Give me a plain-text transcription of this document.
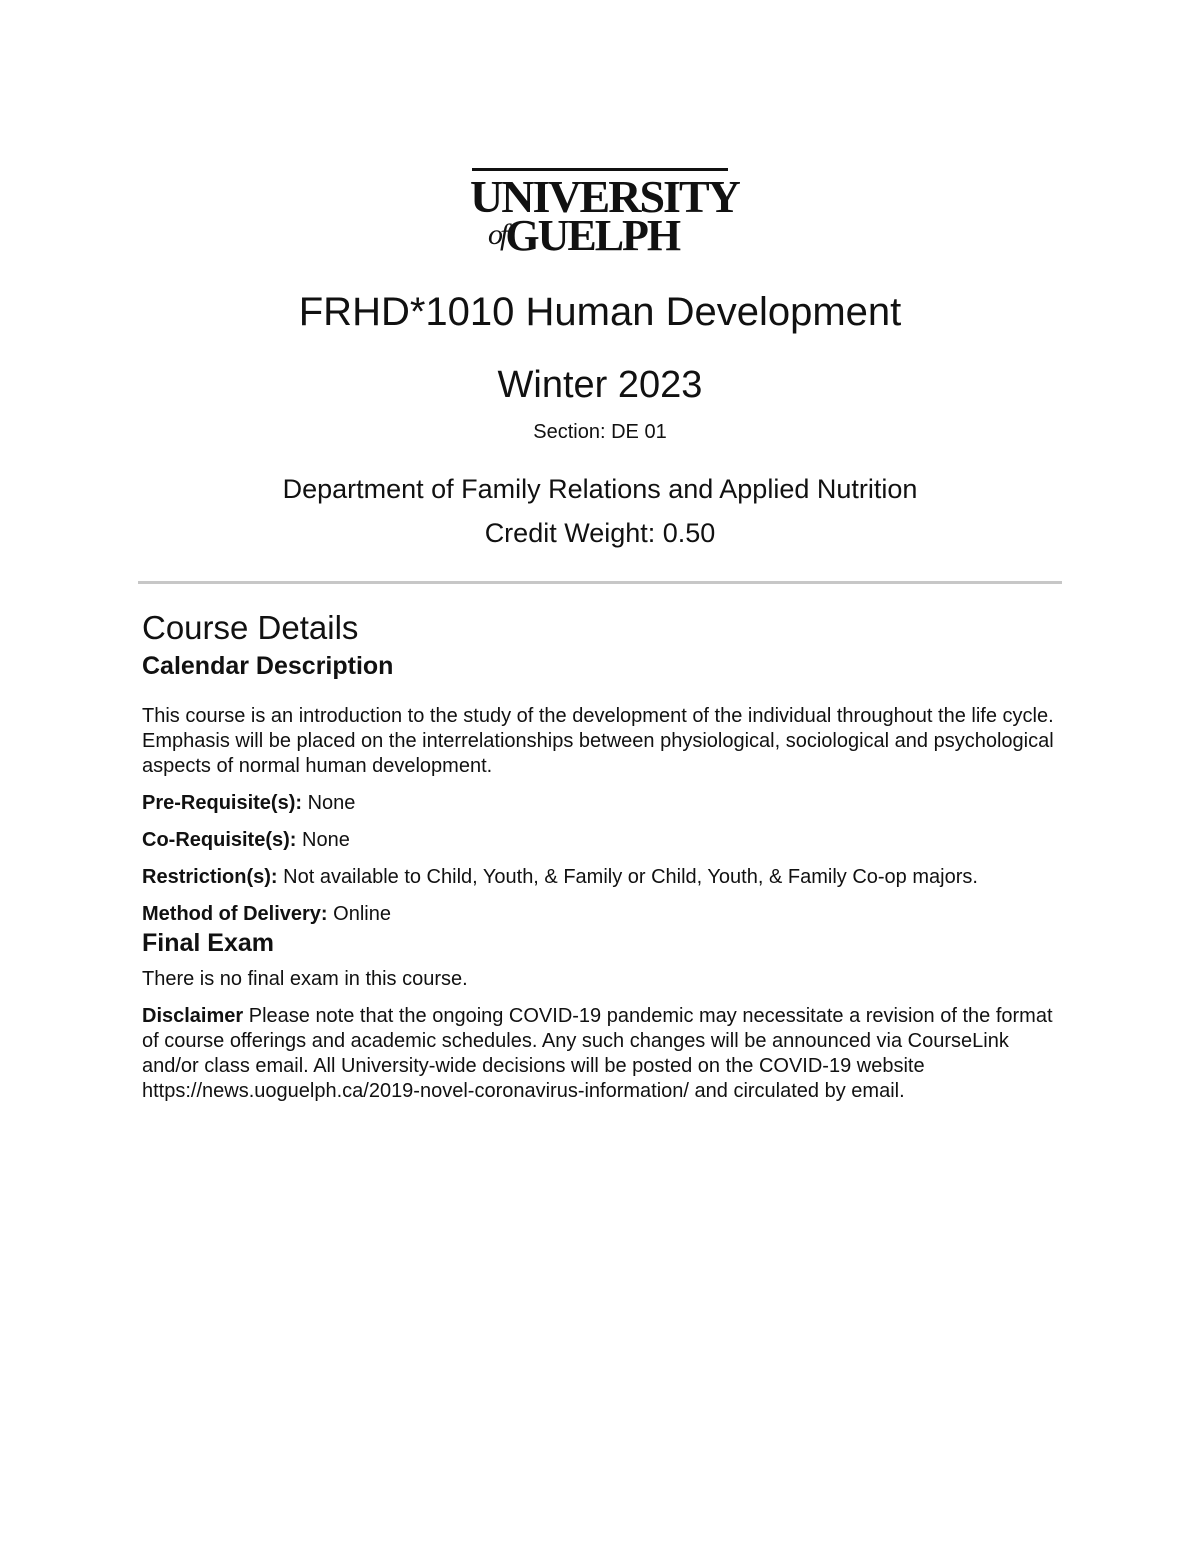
UNIVERSITY
ofGUELPH
FRHD*1010 Human Development
Winter 2023
Section: DE 01
Department of Family Relations and Applied Nutrition
Credit Weight: 0.50
Course Details
Calendar Description

This course is an introduction to the study of the development of the individual throughout the life cycle. Emphasis will be placed on the interrelationships between physiological, sociological and psychological aspects of normal human development.

Pre-Requisite(s): None

Co-Requisite(s): None

Restriction(s): Not available to Child, Youth, & Family or Child, Youth, & Family Co-op majors.

Method of Delivery: Online

Final Exam

There is no final exam in this course.

Disclaimer Please note that the ongoing COVID-19 pandemic may necessitate a revision of the format of course offerings and academic schedules. Any such changes will be announced via CourseLink and/or class email. All University-wide decisions will be posted on the COVID-19 website https://news.uoguelph.ca/2019-novel-coronavirus-information/ and circulated by email.
